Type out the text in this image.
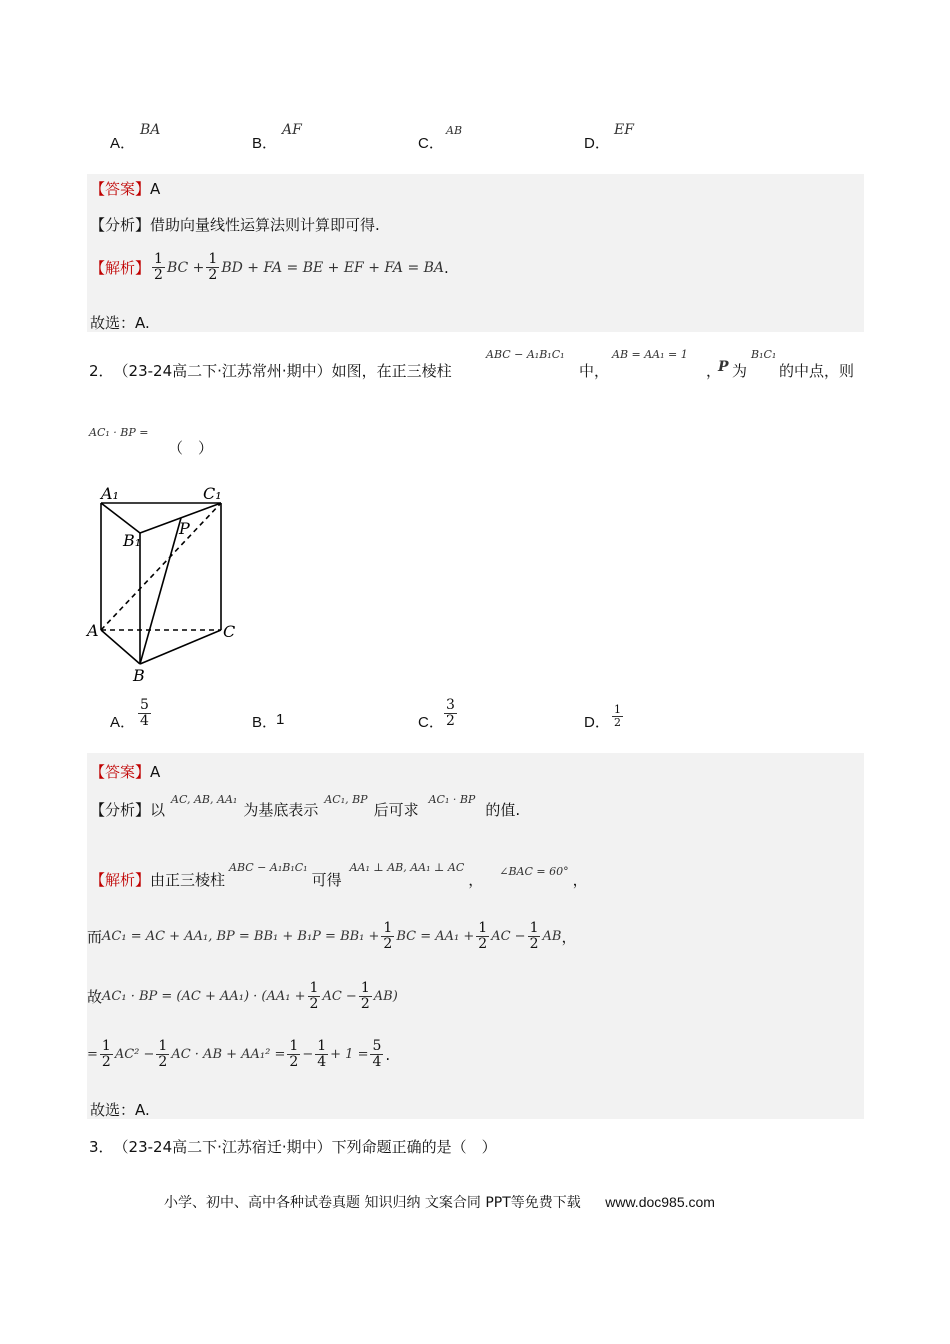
A．
BA
B．
AF
C．
AB
D．
EF
【答案】 A
【分析】 借助向量线性运算法则计算即可得.
【解析】 $\frac{1}{2}$ BC + $\frac{1}{2}$ BD + FA = BE + EF + FA = BA .
故选：A.
2． （23-24高二下·江苏常州·期中） 如图，在正三棱柱
ABC − A₁B₁C₁
中，
AB = AA₁ = 1
，
P 为
B₁C₁
的中点，则
AC₁ · BP =
（　）
A₁	C₁
B₁
P
A
B
C
A． $\frac{5}{4}$	B．
1	C． $\frac{3}{2}$	D． $\frac{1}{2}$
【答案】 A
【分析】 以
AC, AB, AA₁
为基底表示
AC₁, BP
后可求
AC₁ · BP
的值.
【解析】 由正三棱柱
ABC − A₁B₁C₁
可得
AA₁ ⊥ AB, AA₁ ⊥ AC
， ∠BAC = 60° ，
而 AC₁ = AC + AA₁, BP = $BB_1 + B_1P = BB_1 + \frac{1}{2}$ BC = $AA_1 + \frac{1}{2}$ AC − $\frac{1}{2}$ AB ，
故 AC₁ · BP = $(AC + AA_1) \cdot (AA_1 + \frac{1}{2}$ AC − $\frac{1}{2} AB$)
= $\frac{1}{2} AC^2 - \frac{1}{2}$ AC · AB + $AA_1^2 = \frac{1}{2} - \frac{1}{4} + 1 = \frac{5}{4}$ .
故选：A.
3． （23-24高二下·江苏宿迁·期中） 下列命题正确的是（　）
小学、初中、高中各种试卷真题 知识归纳 文案合同 PPT等免费下载 www.doc985.com
